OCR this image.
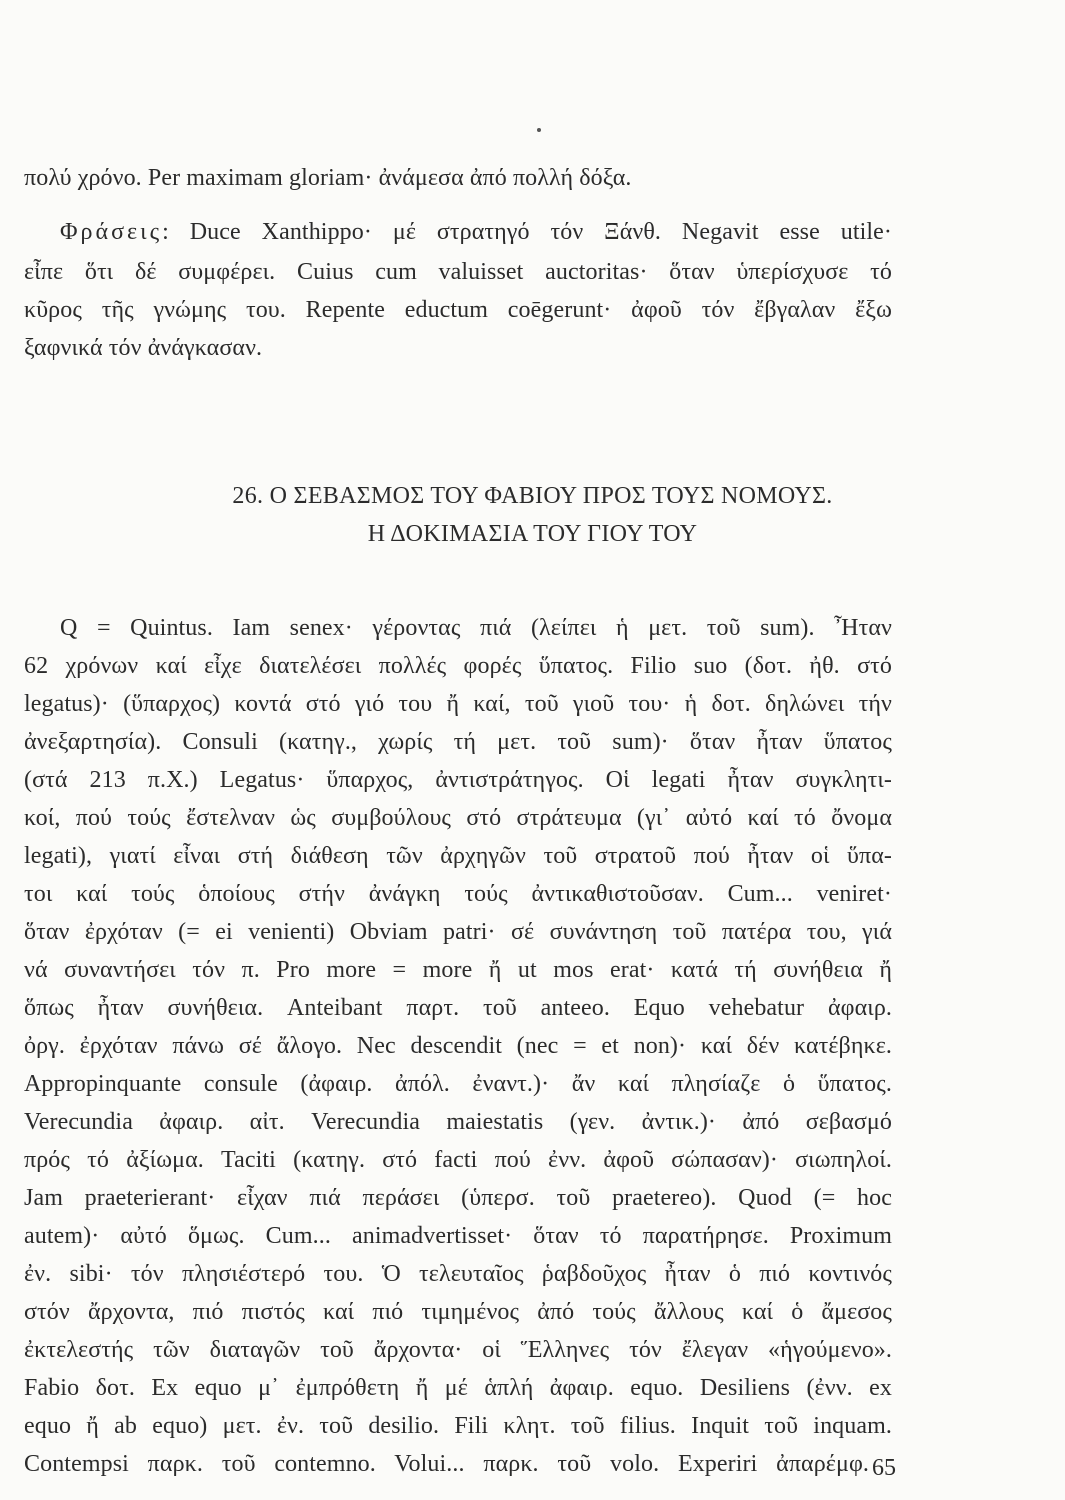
πολύ χρόνο. Per maximam gloriam· ἀνάμεσα ἀπό πολλή δόξα.
Φράσεις: Duce Xanthippo· μέ στρατηγό τόν Ξάνθ. Negavit esse utile·
εἶπε ὅτι δέ συμφέρει. Cuius cum valuisset auctoritas· ὅταν ὑπερίσχυσε τό
κῦρος τῆς γνώμης του. Repente eductum coēgerunt· ἀφοῦ τόν ἔβγαλαν ἔξω
ξαφνικά τόν ἀνάγκασαν.
26. Ο ΣΕΒΑΣΜΟΣ ΤΟΥ ΦΑΒΙΟΥ ΠΡΟΣ ΤΟΥΣ ΝΟΜΟΥΣ.
Η ΔΟΚΙΜΑΣΙΑ ΤΟΥ ΓΙΟΥ ΤΟΥ
Q = Quintus. Iam senex· γέροντας πιά (λείπει ἡ μετ. τοῦ sum). Ἦταν
62 χρόνων καί εἶχε διατελέσει πολλές φορές ὕπατος. Filio suo (δοτ. ἠθ. στό
legatus)· (ὕπαρχος) κοντά στό γιό του ἤ καί, τοῦ γιοῦ του· ἡ δοτ. δηλώνει τήν
ἀνεξαρτησία). Consuli (κατηγ., χωρίς τή μετ. τοῦ sum)· ὅταν ἦταν ὕπατος
(στά 213 π.Χ.) Legatus· ὕπαρχος, ἀντιστράτηγος. Οἱ legati ἦταν συγκλητι-
κοί, πού τούς ἔστελναν ὡς συμβούλους στό στράτευμα (γι᾽ αὐτό καί τό ὄνομα
legati), γιατί εἶναι στή διάθεση τῶν ἀρχηγῶν τοῦ στρατοῦ πού ἦταν οἱ ὕπα-
τοι καί τούς ὁποίους στήν ἀνάγκη τούς ἀντικαθιστοῦσαν. Cum... veniret·
ὅταν ἐρχόταν (= ei venienti) Obviam patri· σέ συνάντηση τοῦ πατέρα του, γιά
νά συναντήσει τόν π. Pro more = more ἤ ut mos erat· κατά τή συνήθεια ἤ
ὅπως ἦταν συνήθεια. Anteibant παρτ. τοῦ anteeo. Equo vehebatur ἀφαιρ.
ὀργ. ἐρχόταν πάνω σέ ἄλογο. Nec descendit (nec = et non)· καί δέν κατέβηκε.
Appropinquante consule (ἀφαιρ. ἀπόλ. ἐναντ.)· ἄν καί πλησίαζε ὁ ὕπατος.
Verecundia ἀφαιρ. αἰτ. Verecundia maiestatis (γεν. ἀντικ.)· ἀπό σεβασμό
πρός τό ἀξίωμα. Taciti (κατηγ. στό facti πού ἐνν. ἀφοῦ σώπασαν)· σιωπηλοί.
Jam praeterierant· εἶχαν πιά περάσει (ὑπερσ. τοῦ praetereo). Quod (= hoc
autem)· αὐτό ὅμως. Cum... animadvertisset· ὅταν τό παρατήρησε. Proximum
ἐν. sibi· τόν πλησιέστερό του. Ὁ τελευταῖος ῥαβδοῦχος ἦταν ὁ πιό κοντινός
στόν ἄρχοντα, πιό πιστός καί πιό τιμημένος ἀπό τούς ἄλλους καί ὁ ἄμεσος
ἐκτελεστής τῶν διαταγῶν τοῦ ἄρχοντα· οἱ Ἕλληνες τόν ἔλεγαν «ἡγούμενο».
Fabio δοτ. Ex equo μ᾽ ἐμπρόθετη ἤ μέ ἁπλή ἀφαιρ. equo. Desiliens (ἐνν. ex
equo ἤ ab equo) μετ. ἐν. τοῦ desilio. Fili κλητ. τοῦ filius. Inquit τοῦ inquam.
Contempsi παρκ. τοῦ contemno. Volui... παρκ. τοῦ volo. Experiri ἀπαρέμφ. 65
